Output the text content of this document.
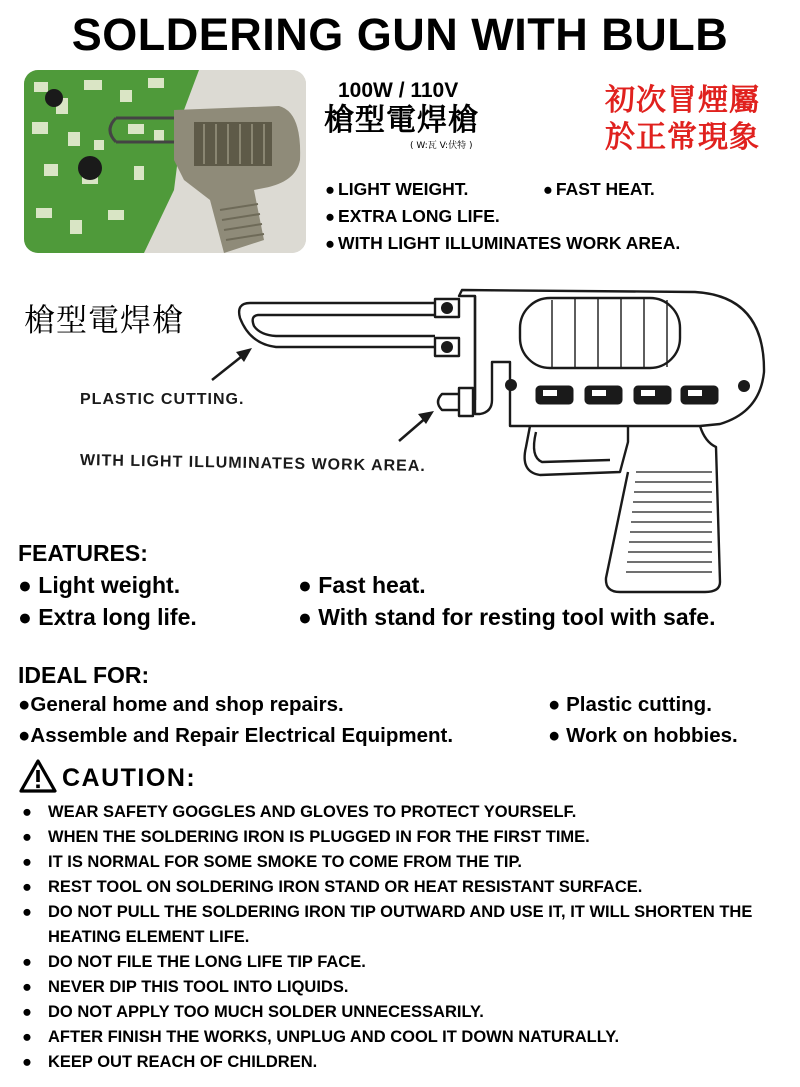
SOLDERING GUN WITH BULB
100W / 110V
槍型電焊槍
( W:瓦 V:伏特 )
初次冒煙屬
於正常現象
● LIGHT WEIGHT.	● FAST HEAT.
● EXTRA LONG LIFE.
● WITH LIGHT ILLUMINATES WORK AREA.
槍型電焊槍
PLASTIC CUTTING.
WITH LIGHT ILLUMINATES WORK AREA.
FEATURES:
● Light weight.	● Fast heat.
● Extra long life.	● With stand for resting tool with safe.
IDEAL FOR:
●General home and shop repairs.	● Plastic cutting.
●Assemble and Repair Electrical Equipment.	● Work on hobbies.
CAUTION:
● WEAR SAFETY GOGGLES AND GLOVES TO PROTECT YOURSELF.
● WHEN THE SOLDERING IRON IS PLUGGED IN FOR THE FIRST TIME.
● IT IS NORMAL FOR SOME SMOKE TO COME FROM THE TIP.
● REST TOOL ON SOLDERING IRON STAND OR HEAT RESISTANT SURFACE.
● DO NOT PULL THE SOLDERING IRON TIP OUTWARD AND USE IT, IT WILL SHORTEN THE HEATING ELEMENT LIFE.
● DO NOT FILE THE LONG LIFE TIP FACE.
● NEVER DIP THIS TOOL INTO LIQUIDS.
● DO NOT APPLY TOO MUCH SOLDER UNNECESSARILY.
● AFTER FINISH THE WORKS, UNPLUG AND COOL IT DOWN NATURALLY.
● KEEP OUT REACH OF CHILDREN.
